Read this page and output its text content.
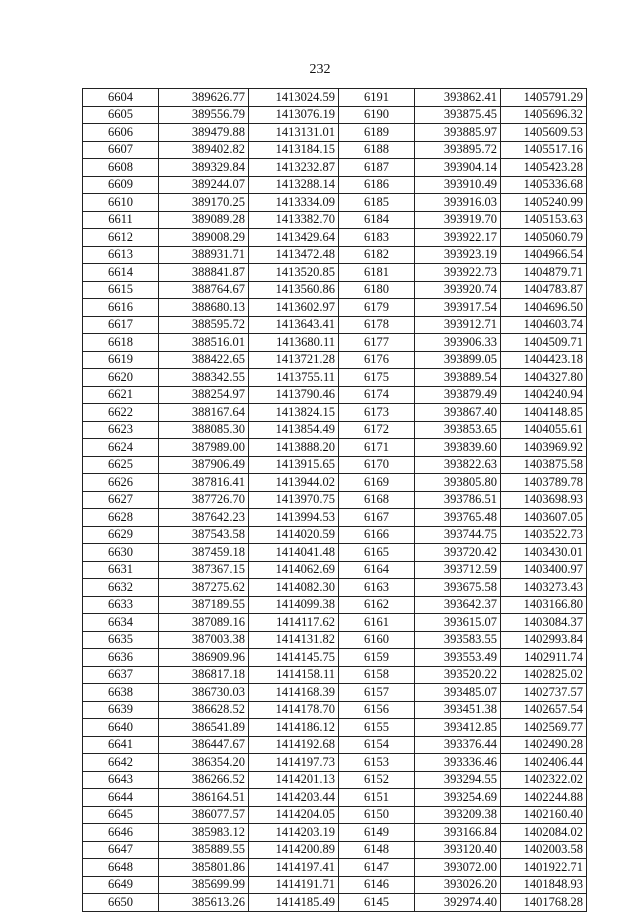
232
6604	389626.77	1413024.59	6191	393862.41	1405791.29
6605	389556.79	1413076.19	6190	393875.45	1405696.32
6606	389479.88	1413131.01	6189	393885.97	1405609.53
6607	389402.82	1413184.15	6188	393895.72	1405517.16
6608	389329.84	1413232.87	6187	393904.14	1405423.28
6609	389244.07	1413288.14	6186	393910.49	1405336.68
6610	389170.25	1413334.09	6185	393916.03	1405240.99
6611	389089.28	1413382.70	6184	393919.70	1405153.63
6612	389008.29	1413429.64	6183	393922.17	1405060.79
6613	388931.71	1413472.48	6182	393923.19	1404966.54
6614	388841.87	1413520.85	6181	393922.73	1404879.71
6615	388764.67	1413560.86	6180	393920.74	1404783.87
6616	388680.13	1413602.97	6179	393917.54	1404696.50
6617	388595.72	1413643.41	6178	393912.71	1404603.74
6618	388516.01	1413680.11	6177	393906.33	1404509.71
6619	388422.65	1413721.28	6176	393899.05	1404423.18
6620	388342.55	1413755.11	6175	393889.54	1404327.80
6621	388254.97	1413790.46	6174	393879.49	1404240.94
6622	388167.64	1413824.15	6173	393867.40	1404148.85
6623	388085.30	1413854.49	6172	393853.65	1404055.61
6624	387989.00	1413888.20	6171	393839.60	1403969.92
6625	387906.49	1413915.65	6170	393822.63	1403875.58
6626	387816.41	1413944.02	6169	393805.80	1403789.78
6627	387726.70	1413970.75	6168	393786.51	1403698.93
6628	387642.23	1413994.53	6167	393765.48	1403607.05
6629	387543.58	1414020.59	6166	393744.75	1403522.73
6630	387459.18	1414041.48	6165	393720.42	1403430.01
6631	387367.15	1414062.69	6164	393712.59	1403400.97
6632	387275.62	1414082.30	6163	393675.58	1403273.43
6633	387189.55	1414099.38	6162	393642.37	1403166.80
6634	387089.16	1414117.62	6161	393615.07	1403084.37
6635	387003.38	1414131.82	6160	393583.55	1402993.84
6636	386909.96	1414145.75	6159	393553.49	1402911.74
6637	386817.18	1414158.11	6158	393520.22	1402825.02
6638	386730.03	1414168.39	6157	393485.07	1402737.57
6639	386628.52	1414178.70	6156	393451.38	1402657.54
6640	386541.89	1414186.12	6155	393412.85	1402569.77
6641	386447.67	1414192.68	6154	393376.44	1402490.28
6642	386354.20	1414197.73	6153	393336.46	1402406.44
6643	386266.52	1414201.13	6152	393294.55	1402322.02
6644	386164.51	1414203.44	6151	393254.69	1402244.88
6645	386077.57	1414204.05	6150	393209.38	1402160.40
6646	385983.12	1414203.19	6149	393166.84	1402084.02
6647	385889.55	1414200.89	6148	393120.40	1402003.58
6648	385801.86	1414197.41	6147	393072.00	1401922.71
6649	385699.99	1414191.71	6146	393026.20	1401848.93
6650	385613.26	1414185.49	6145	392974.40	1401768.28
